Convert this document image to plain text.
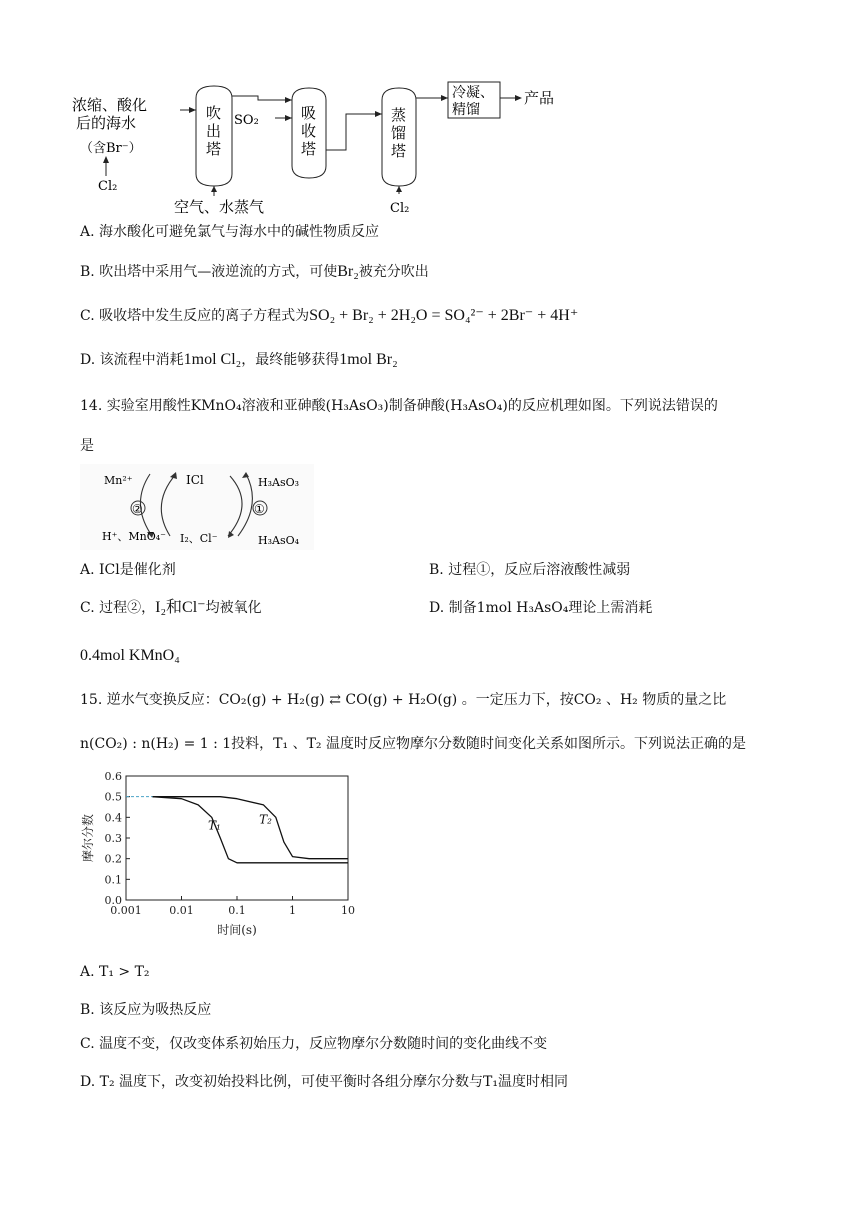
浓缩、酸化
后的海水
（含Br⁻）
Cl₂
吹
出
塔
SO₂
空气、水蒸气
吸
收
塔
蒸
馏
塔
Cl₂
冷凝、
精馏
产品
A. 海水酸化可避免氯气与海水中的碱性物质反应
B. 吹出塔中采用气—液逆流的方式，可使Br₂被充分吹出
C. 吸收塔中发生反应的离子方程式为SO₂ + Br₂ + 2H₂O = SO₄²⁻ + 2Br⁻ + 4H⁺
D. 该流程中消耗1mol Cl₂，最终能够获得1mol Br₂
14. 实验室用酸性KMnO₄溶液和亚砷酸(H₃AsO₃)制备砷酸(H₃AsO₄)的反应机理如图。下列说法错误的
是
Mn²⁺	ICl	H₃AsO₃
②	①
H⁺、MnO₄⁻ I₂、Cl⁻	H₃AsO₄
A. ICl是催化剂	B. 过程①，反应后溶液酸性减弱
C. 过程②，I₂和Cl⁻均被氧化	D. 制备1mol H₃AsO₄理论上需消耗
0.4mol KMnO₄
15. 逆水气变换反应：CO₂(g) + H₂(g) ⇄ CO(g) + H₂O(g) 。一定压力下，按CO₂ 、H₂ 物质的量之比
n(CO₂) : n(H₂) = 1 : 1投料，T₁ 、T₂ 温度时反应物摩尔分数随时间变化关系如图所示。下列说法正确的是
0.0
0.1
0.2
0.3
0.4
0.5
0.6
0.001	0.01	0.1	1	10
时间(s)
摩尔分数	T₁	T₂
A. T₁ > T₂
B. 该反应为吸热反应
C. 温度不变，仅改变体系初始压力，反应物摩尔分数随时间的变化曲线不变
D. T₂ 温度下，改变初始投料比例，可使平衡时各组分摩尔分数与T₁温度时相同
